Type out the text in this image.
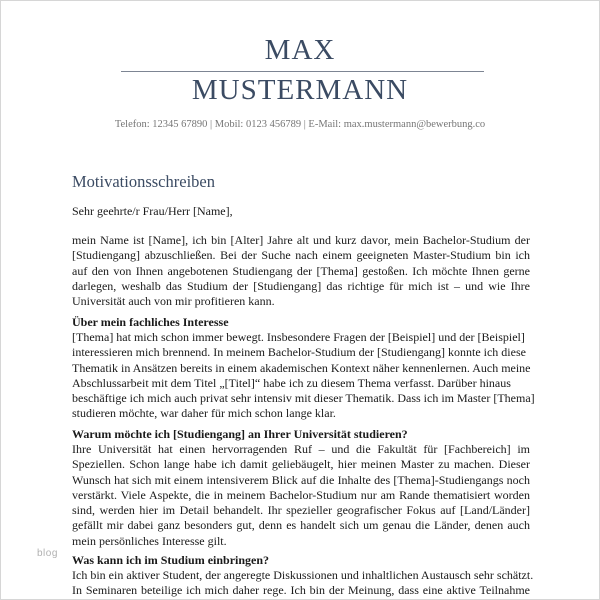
MAX
MUSTERMANN
Telefon: 12345 67890 | Mobil: 0123 456789 | E-Mail: max.mustermann@bewerbung.co
Motivationsschreiben
Sehr geehrte/r Frau/Herr [Name],
mein Name ist [Name], ich bin [Alter] Jahre alt und kurz davor, mein Bachelor-Studium der
[Studiengang] abzuschließen. Bei der Suche nach einem geeigneten Master-Studium bin ich
auf den von Ihnen angebotenen Studiengang der [Thema] gestoßen. Ich möchte Ihnen gerne
darlegen, weshalb das Studium der [Studiengang] das richtige für mich ist – und wie Ihre
Universität auch von mir profitieren kann.
Über mein fachliches Interesse
[Thema] hat mich schon immer bewegt. Insbesondere Fragen der [Beispiel] und der [Beispiel]
interessieren mich brennend. In meinem Bachelor-Studium der [Studiengang] konnte ich diese
Thematik in Ansätzen bereits in einem akademischen Kontext näher kennenlernen. Auch meine
Abschlussarbeit mit dem Titel „[Titel]“ habe ich zu diesem Thema verfasst. Darüber hinaus
beschäftige ich mich auch privat sehr intensiv mit dieser Thematik. Dass ich im Master [Thema]
studieren möchte, war daher für mich schon lange klar.
Warum möchte ich [Studiengang] an Ihrer Universität studieren?
Ihre Universität hat einen hervorragenden Ruf – und die Fakultät für [Fachbereich] im
Speziellen. Schon lange habe ich damit geliebäugelt, hier meinen Master zu machen. Dieser
Wunsch hat sich mit einem intensiverem Blick auf die Inhalte des [Thema]-Studiengangs noch
verstärkt. Viele Aspekte, die in meinem Bachelor-Studium nur am Rande thematisiert worden
sind, werden hier im Detail behandelt. Ihr spezieller geografischer Fokus auf [Land/Länder]
gefällt mir dabei ganz besonders gut, denn es handelt sich um genau die Länder, denen auch
mein persönliches Interesse gilt.
Was kann ich im Studium einbringen?
Ich bin ein aktiver Student, der angeregte Diskussionen und inhaltlichen Austausch sehr schätzt.
In Seminaren beteilige ich mich daher rege. Ich bin der Meinung, dass eine aktive Teilnahme
blog
